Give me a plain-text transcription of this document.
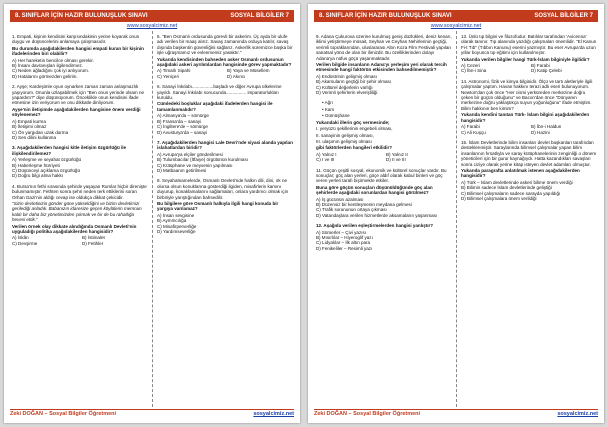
8. SINIFLAR İÇİN HAZIR BULUNUŞLUK SINAVI	SOSYAL BİLGİLER 7
www.sosyalcimiz.net

1. Empati, kişinin kendisini karşısındakinin yerine koyarak onun duygu ve düşüncelerini anlamaya çalışmasıdır.

Bu durumda aşağıdakilerden hangisi empati kuran bir kişinin ifadelerinden biri olabilir?

A) Her hareketin bencilce olması gerekir.
B) İnsanı davranışları ilgilendirmez.
C) Neden ağladığını çok iyi anlıyorum.
D) Hatalarını görmezden gelirim.

2. Ayşe; Kardeşimle oyun oynarken zaman zaman anlaşmazlık yaşıyorum. Onunla uzlaşabilmek için "Ben onun yerinde olsam ne yapardım?" diye düşünüyorum. Önceklikle onun kendisini ifade etmesine izin veriyorum ve onu dikkatle dinliyorum.

Ayşe'nin iletişimde aşağıdakilerden hangisine önem verdiği söylenemez?

A) Empati kurma
B) İletişimi olmaz
C) Ön yargıdan uzak durma
D) Sen dilini kullanma

3. Aşağıdakilerden hangisi kitle iletişim özgürlüğü ile ilişkilendirilemez?

A) Yerleşme ve seyahat özgürlüğü
B) Haberleşme hürriyeti
C) Düşünceyi açıklama özgürlüğü
D) Doğru bilgi alma hakkı

4. Bursa'nın fethi sırasında şehirde yaşayan Rumlar hiçbir direnişte bulunmamıştır. Fethten sonra şehri neden terk ettiklerini soran Orhan Gazi'nin aldığı cevap ise oldukça dikkat çekicidir.

"Sizin devletinizin gönder güne yükseldiğini ve bizim devletimizi gerilediği anladık. Babanızın idaresize geçen köylülerin memnun kaldı bir daha biz yönetimizden çıkmak ve bir de bu rahatlığa hevesi ettik."

Verilen örnek olay dikkate alındığında Osmanlı Devleti'nin uyguladığı politika aşağıdakilerden hangisidir?

A) İskân	B) İstimalet
C) Devşirme	D) Fetihler

5. "Ben Osmanlı ordusunda görevli bir askerim. Üç ayda bir ulufe adı verilen bir maaş alırız. Savaş zamanında orduya katılır, savaş dışında başkentin güvenliğini sağlarız. Askerlik süremizce başka bir işle uğraşmamız ve evlenmemiz yasaktır."

Yukarıda kendisinden bahseden asker Osmanlı ordusunun aşağıdaki askeri ayrılımlardan hangisinde görev yapmaktadır?

A) Timarlı Sipahi	B) Yaya ve Müsellem
C) Yeniçeri	D) Akıncı

6. Sanayi İnkılabı.................başladı ve diğer Avrupa ülkelerine yayıldı. Sanayi İnkılabı sonucunda................ imparatorlukları kuruldu.

Cümledeki boşluklar aşağıdaki ifadelerden hangisi ile tamamlanmalıdır?

A) Almanya'da – sömürge
B) Fransa'da – sanayi
C) İngiltere'de – sömürge
D) Avusturya'da – sanayi

7. Aşağıdakilerden hangisi Lale Devri'nde siyasi alanda yapılan islahatlardan biridir?

A) Avrupa'ya elçiler gönderilmesi
B) Tulumbacılar (İtfaiye) örgütünün kurulması
C) Kütüphane ve meyvenin yapılması
D) Matbaanın getirilmesi

8. Seyahatnamelerde, Osmanlı Devleti'nde halkın dili, dini, ırk ne olursa olsun konuklarına gösterdiği ilgiden, misafirlerin kamını duyurup, konaklamalarını sağlamaları, onlara yardımcı olmak için birbiriyle yarıştığından bahsedilir.

Bu bilgilere göre Osmanlı halkıyla ilgili hangi konuda bir yargıya varılamaz?

A) İnsan sevgisine
B) Aymmcılığa
C) Misafirperverliğe
D) Yardımseverliğe
Zeki DOĞAN – Sosyal Bilgiler Öğretmeni	sosyalcimiz.net
8. SINIFLAR İÇİN HAZIR BULUNUŞLUK SINAVI	SOSYAL BİLGİLER 7
www.sosyalcimiz.net

9. Adana Çukurova üzerine kurulmuş geniş düzlükleri, deniz kenarı, iklimi yetiştirmeye müsait, Seyhan ve Ceyhan Nehirlerinin geçtiği, verimli topraklarından, uluslararası Altın Koza Film Festivali yapılan sanatsal yönü de olan bir ilimizdir. Bu özelliklerinden dolayı Adana'ya nüfus göçü yaşanmaktadır.

Verilen bilgide insanların Adana'yı yerleşim yeri olarak tercih etmesinde hangi faktörün etkisinden bahsedilmemiştir?

A) Endüstrinin gelişmiş olması
B) Akarsuların geçtiği bir şehir olması
C) Kültürel değerlerin varlığı
D) Verimli şehirlerin elverişliliği

• Ağrı

• Kars

• Gümüşhane

Yukarıdaki illerin göç vermesinde;

I. yeryüzü şekillerinin engebeli olması,

II. sanayinin gelişmiş olması,

III. ulaşımın gelişmiş olması

gibi faktörlerden hangileri etkilidir?

A) Yalnız I	B) Yalnız II
C) I ve III	D) II ve III

11. Göçün çeşitli sosyal, ekonomik ve kültürel sonuçlar vardır. Bu sonuçlar; göç alan yerleri, göçe aldıf olarak kabul binleri ve göç veren yerleri tarafı bişirmekte etkiler.

Buna göre göçün sonuçları düşünüldüğünde göç alan şehirlerde aşağıdaki sorunlardan hangisi görülmez?

A) İş gücünün azalması
B) Düzensiz bir kentleşmenin meydana gelmesi
C) Trafik sorununun ortaya çıkması
D) Vatandaşlara verilen hizmetlerde aksamaların yaşanması

12. Aşağıda verilen eşleştirmelerden hangisi yanlıştır?

A) Sümerler – Çivi yazısı
B) Mısırlılar – Hiyeroglif yazı
C) Lidyalılar – İlk altın para
D) Fenikeliler – Resimli yazı

13. Ünlü tıp bilgini ve filozofudur. Batılılar tarafından 'Avicenna' olarak tanınır. Tıp alanında yazdığı çalışmaları önemlidir. "El Kanun Fi-t Tıb" (Tıbbın Kanunu) eserini yazmıştır. Bu eser Avrupa'da uzun yıllar boyunca tıp eğitimi için kullanılmıştır.

Yukarıda verilen bilgiler hangi Türk-İslam bilginiyle ilgilidir?

A) Cezeri	B) Farabi
C) İbn-i Sina	D) Katip Çelebi

14. Astronomi, fizik ve kimya bilginidir. Ölçü ve tartı aletleriyle ilgili çalışmalar yaptım. Havan hakkını terazi adlı eseri bulunuyorum. Newton'dan çok önce "Her cismi yerküreden merkezine doğru çeken bir güçün olduğunu" ve Bacon'dan önce "Dünyanın merkezine doğru yaklaştıkça suyun yoğunluğunu" ifade etmiştim. Bilim hakkının ben kimim?

Yukarıda kendini tanıtan Türk- İslam bilgini aşağıdakilerden hangisidir?

A) Farabi	B) İbn-i Haldun
C) Ali Kuşçu	D) Hazini

15. İslam Devletlerinde bilim insanları devlet başkanları tarafından desteklenmiştir. Saraylarında bilimsel çalışmalar yapan bilim insanlarının fırsatlıyla ve saray kütüphanelerinin zenginliği o dönem yöneticileri için bir gurur kaynağıydı. Hatta kazandıkları savaşları sonra ciziye olarak yerine kitap isteyen devlet adamları olmuştur.

Yukarıda paragrafta anlatılmak istenen aşağıdakilerden hangisidir?

A) Türk – İslam devletlerinde askeri bilime önem verdiği
B) Bilimin sadece İslam devletlerinde geliştiği
C) Bilimsel çalışmaların sadece sarayda yapıldığı
D) Bilimsel çalışmalara önem verildiği
Zeki DOĞAN – Sosyal Bilgiler Öğretmeni	sosyalcimiz.net
